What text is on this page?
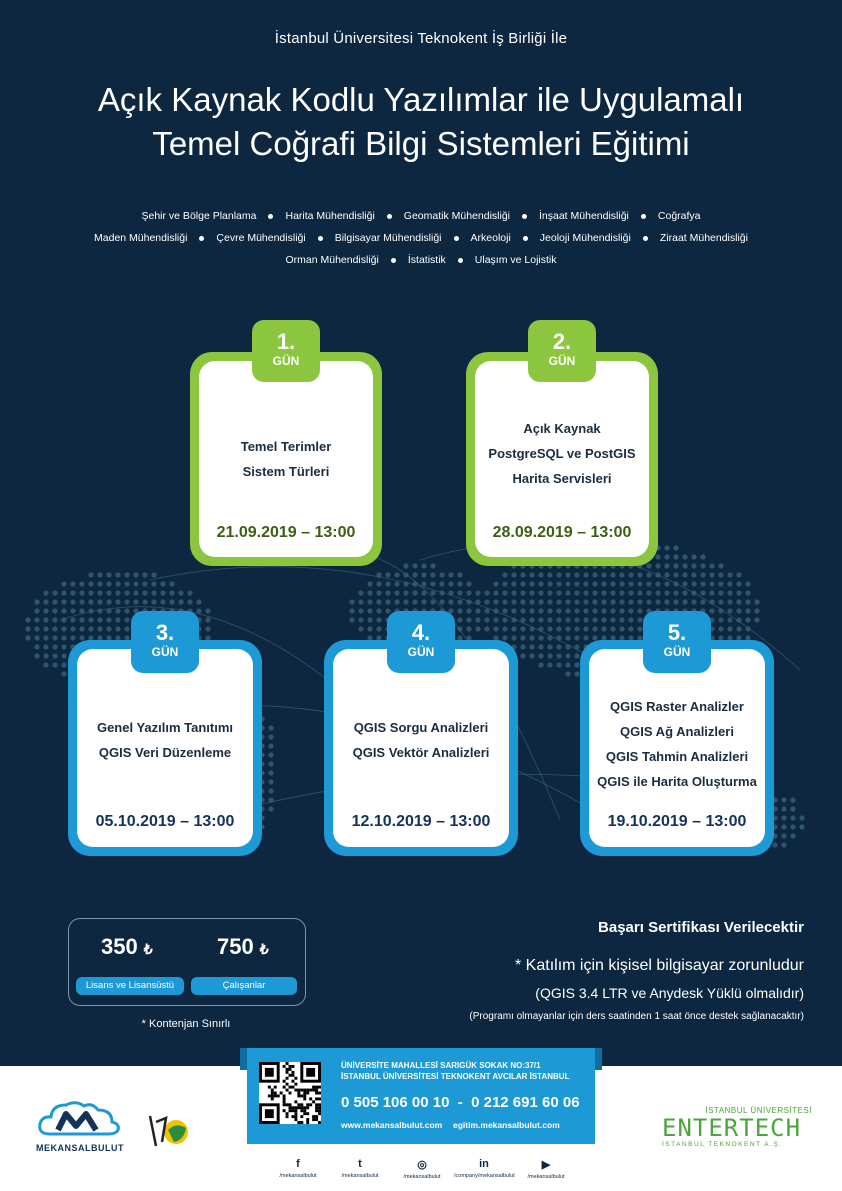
İstanbul Üniversitesi Teknokent İş Birliği İle
Açık Kaynak Kodlu Yazılımlar ile Uygulamalı
Temel Coğrafi Bilgi Sistemleri Eğitimi
Şehir ve Bölge Planlama	Harita Mühendisliği	Geomatik Mühendisliği	İnşaat Mühendisliği	Coğrafya
Maden Mühendisliği	Çevre Mühendisliği	Bilgisayar Mühendisliği	Arkeoloji	Jeoloji Mühendisliği	Ziraat Mühendisliği
Orman Mühendisliği	İstatistik	Ulaşım ve Lojistik
Temel Terimler
Sistem Türleri
21.09.2019 – 13:00
1.
GÜN
Açık Kaynak
PostgreSQL ve PostGIS
Harita Servisleri
28.09.2019 – 13:00
2.
GÜN
Genel Yazılım Tanıtımı
QGIS Veri Düzenleme
05.10.2019 – 13:00
3.
GÜN
QGIS Sorgu Analizleri
QGIS Vektör Analizleri
12.10.2019 – 13:00
4.
GÜN
QGIS Raster Analizler
QGIS Ağ Analizleri
QGIS Tahmin Analizleri
QGIS ile Harita Oluşturma
19.10.2019 – 13:00
5.
GÜN
350 ₺	750 ₺
Lisans ve Lisansüstü	Çalışanlar
* Kontenjan Sınırlı
Başarı Sertifikası Verilecektir
* Katılım için kişisel bilgisayar zorunludur
(QGIS 3.4 LTR ve Anydesk Yüklü olmalıdır)
(Programı olmayanlar için ders saatinden 1 saat önce destek sağlanacaktır)
MEKANSALBULUT
İSTANBUL ÜNİVERSİTESİ
ENTERTECH
İSTANBUL TEKNOKENT A.Ş.
ÜNİVERSİTE MAHALLESİ SARIGÜK SOKAK NO:37/1
İSTANBUL ÜNİVERSİTESİ TEKNOKENT AVCILAR İSTANBUL
0 505 106 00 10  -  0 212 691 60 06
www.mekansalbulut.com egitim.mekansalbulut.com
f
/mekansalbulut
t
/mekansalbulut
◎
/mekansalbulut
in
/company/mekansalbulut
▶
/mekansalbulut
